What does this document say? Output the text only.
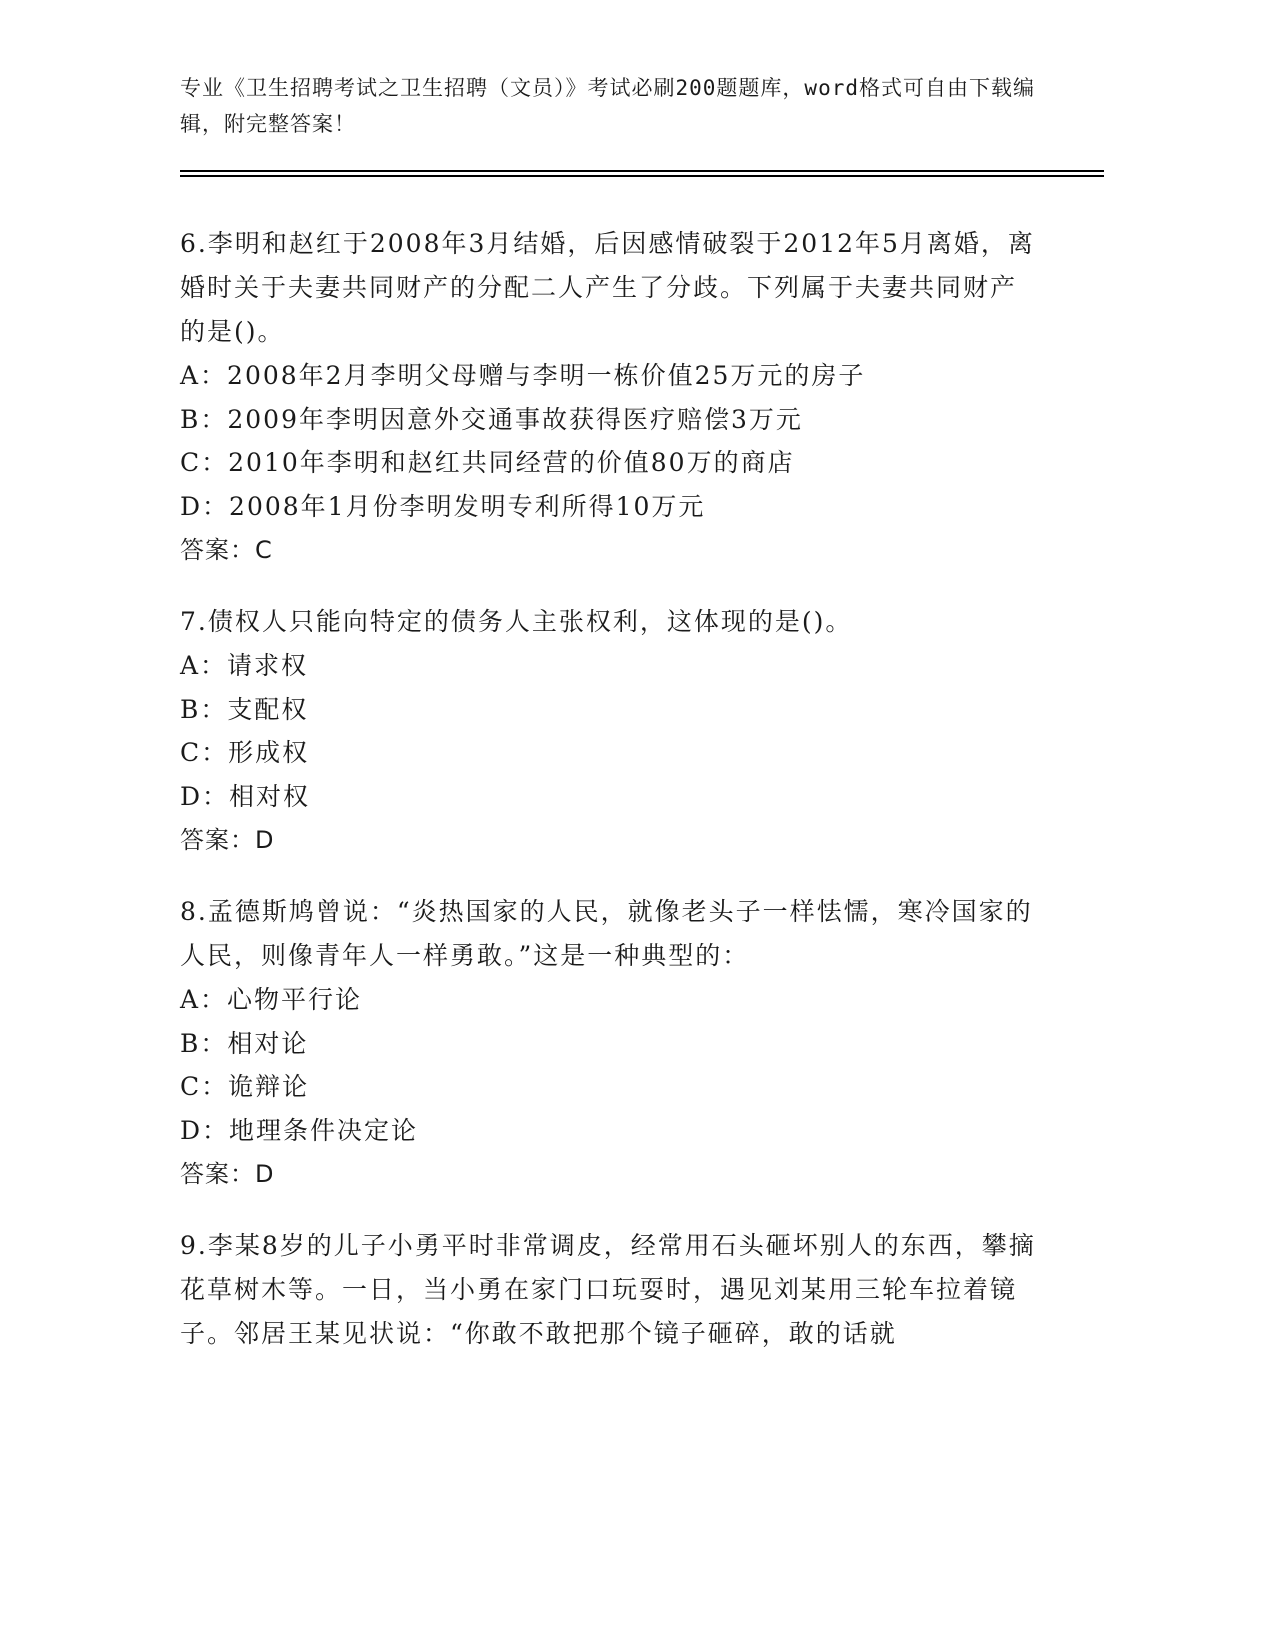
专业《卫生招聘考试之卫生招聘（文员）》考试必刷200题题库，word格式可自由下载编辑，附完整答案！

6.李明和赵红于2008年3月结婚，后因感情破裂于2012年5月离婚，离婚时关于夫妻共同财产的分配二人产生了分歧。下列属于夫妻共同财产的是()。

A：2008年2月李明父母赠与李明一栋价值25万元的房子

B：2009年李明因意外交通事故获得医疗赔偿3万元

C：2010年李明和赵红共同经营的价值80万的商店

D：2008年1月份李明发明专利所得10万元

答案：C

7.债权人只能向特定的债务人主张权利，这体现的是()。

A：请求权

B：支配权

C：形成权

D：相对权

答案：D

8.孟德斯鸠曾说：“炎热国家的人民，就像老头子一样怯懦，寒冷国家的人民，则像青年人一样勇敢。”这是一种典型的：

A：心物平行论

B：相对论

C：诡辩论

D：地理条件决定论

答案：D

9.李某8岁的儿子小勇平时非常调皮，经常用石头砸坏别人的东西，攀摘花草树木等。一日，当小勇在家门口玩耍时，遇见刘某用三轮车拉着镜子。邻居王某见状说：“你敢不敢把那个镜子砸碎，敢的话就
